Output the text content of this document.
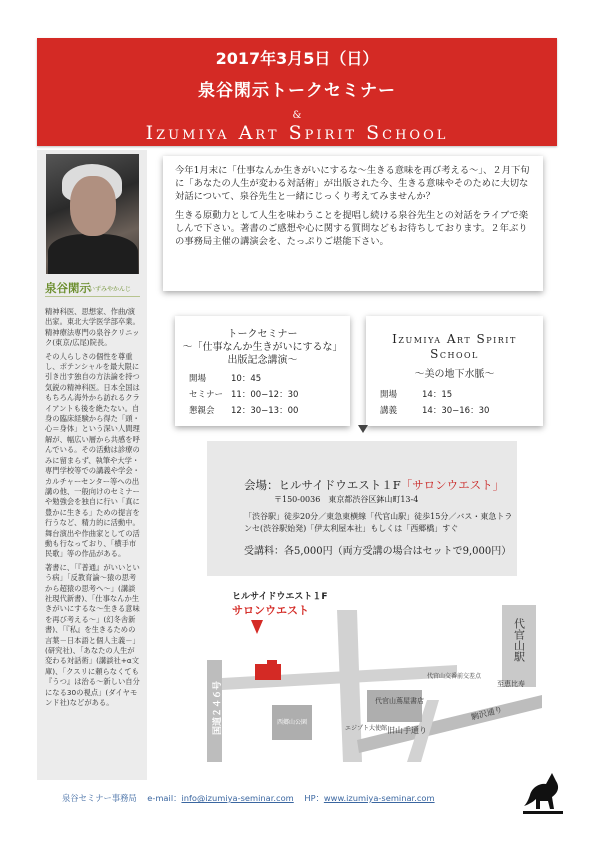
2017年3月5日（日）
泉谷閑示トークセミナー
&
Izumiya Art Spirit School
泉谷閑示
いずみやかんじ

精神科医、思想家、作曲/演出家。東北大学医学部卒業。精神療法専門の泉谷クリニック(東京/広尾)院長。

その人らしさの個性を尊重し、ポテンシャルを最大限に引き出す独自の方法論を持つ気鋭の精神科医。日本全国はもちろん海外から訪れるクライアントも後を絶たない。自身の臨床経験から得た「頭・心＝身体」という深い人間理解が、幅広い層から共感を呼んでいる。その活動は診療のみに留まらず、執筆や大学・専門学校等での講義や学会・カルチャーセンター等への出講の他、一般向けのセミナーや勉強会を独自に行い「真に豊かに生きる」ための提言を行うなど、精力的に活動中。舞台演出や作曲家としての活動も行なっており、「横手市民歌」等の作品がある。

著書に、「『普通』がいいという病」「反教育論～猿の思考から超猿の思考へ～」(講談社現代新書)、「仕事なんか生きがいにするな～生きる意味を再び考える～」(幻冬舎新書)、「『私』を生きるための言葉－日本語と個人主義－」(研究社)、「あなたの人生が変わる対話術」(講談社+α文庫)、「クスリに頼らなくても『うつ』は治る～新しい自分になる30の視点」(ダイヤモンド社)などがある。

今年1月末に「仕事なんか生きがいにするな～生きる意味を再び考える～」、２月下旬に「あなたの人生が変わる対話術」が出版された今、生きる意味やそのために大切な対話について、泉谷先生と一緒にじっくり考えてみませんか？

生きる原動力として人生を味わうことを提唱し続ける泉谷先生との対話をライブで楽しんで下さい。著書のご感想や心に関する質問などもお待ちしております。２年ぶりの事務局主催の講演会を、たっぷりご堪能下さい。

トークセミナー
～「仕事なんか生きがいにするな」
出版記念講演～
開場	10：45
セミナー 11：00−12：30
懇親会 12：30−13：00
Izumiya Art Spirit
School
～美の地下水脈～
開場	14：15
講義	14：30−16：30
会場：ヒルサイドウエスト１F「サロンウエスト」
〒150-0036　東京都渋谷区鉢山町13-4
「渋谷駅」徒歩20分／東急東横線「代官山駅」徒歩15分／バス・東急トランセ(渋谷駅始発)「伊太利屋本社」もしくは「西郷橋」すぐ
受講料：各5,000円（両方受講の場合はセットで9,000円）
代官山駅
代官山蔦屋書店
西郷山公園
ヒルサイドウエスト１F
サロンウエスト
国道２４６号	旧山手通り
駒沢通り
至恵比寿
代官山交番前交差点
エジプト大使館
泉谷セミナー事務局 e-mail：info@izumiya-seminar.com HP：www.izumiya-seminar.com
